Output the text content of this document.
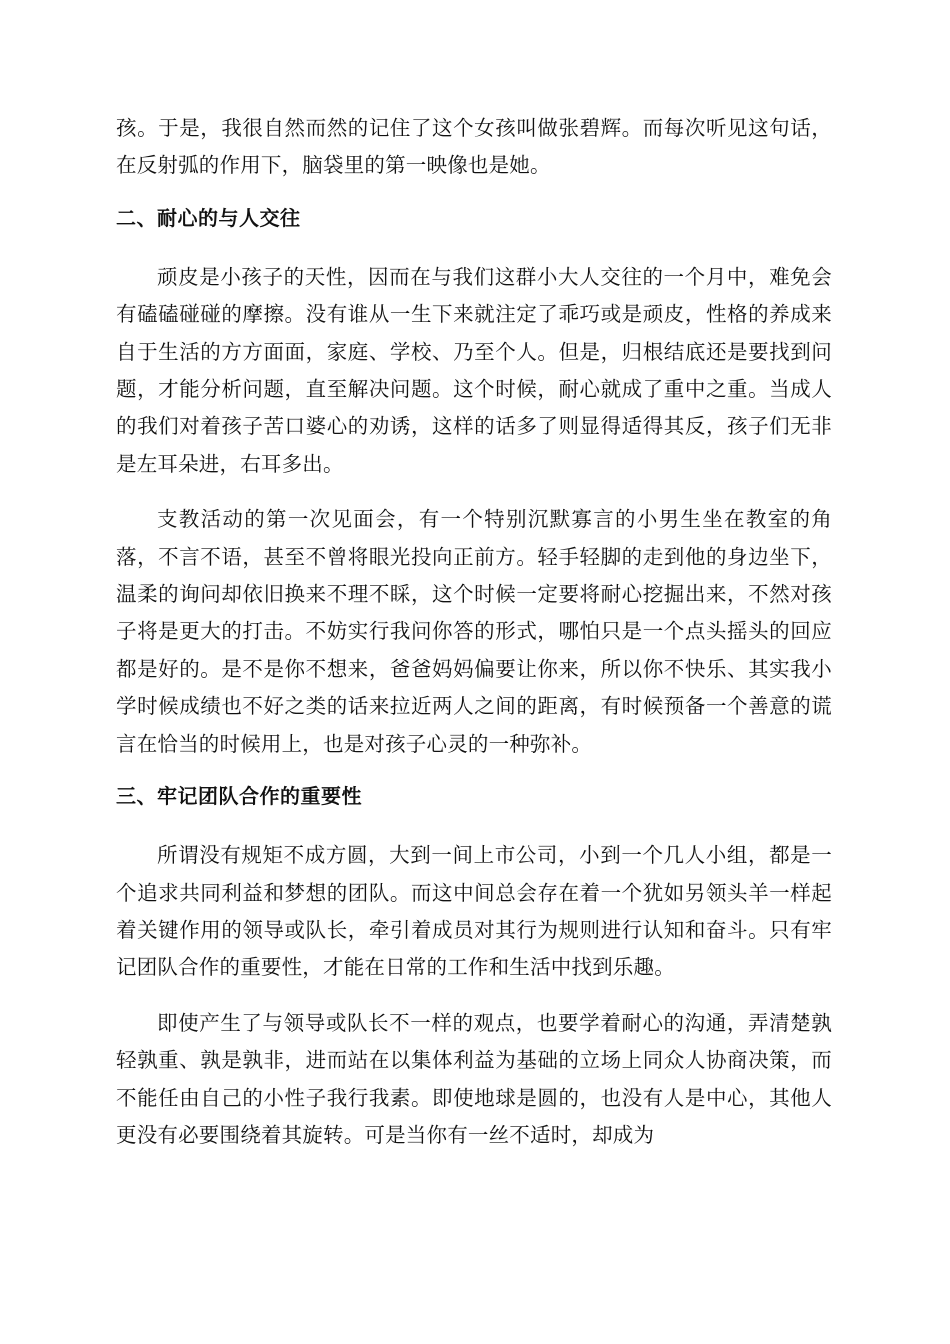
孩。于是，我很自然而然的记住了这个女孩叫做张碧辉。而每次听见这句话，在反射弧的作用下，脑袋里的第一映像也是她。

二、耐心的与人交往

顽皮是小孩子的天性，因而在与我们这群小大人交往的一个月中，难免会有磕磕碰碰的摩擦。没有谁从一生下来就注定了乖巧或是顽皮，性格的养成来自于生活的方方面面，家庭、学校、乃至个人。但是，归根结底还是要找到问题，才能分析问题，直至解决问题。这个时候，耐心就成了重中之重。当成人的我们对着孩子苦口婆心的劝诱，这样的话多了则显得适得其反，孩子们无非是左耳朵进，右耳多出。

支教活动的第一次见面会，有一个特别沉默寡言的小男生坐在教室的角落，不言不语，甚至不曾将眼光投向正前方。轻手轻脚的走到他的身边坐下，温柔的询问却依旧换来不理不睬，这个时候一定要将耐心挖掘出来，不然对孩子将是更大的打击。不妨实行我问你答的形式，哪怕只是一个点头摇头的回应都是好的。是不是你不想来，爸爸妈妈偏要让你来，所以你不快乐、其实我小学时候成绩也不好之类的话来拉近两人之间的距离，有时候预备一个善意的谎言在恰当的时候用上，也是对孩子心灵的一种弥补。

三、牢记团队合作的重要性

所谓没有规矩不成方圆，大到一间上市公司，小到一个几人小组，都是一个追求共同利益和梦想的团队。而这中间总会存在着一个犹如另领头羊一样起着关键作用的领导或队长，牵引着成员对其行为规则进行认知和奋斗。只有牢记团队合作的重要性，才能在日常的工作和生活中找到乐趣。

即使产生了与领导或队长不一样的观点，也要学着耐心的沟通，弄清楚孰轻孰重、孰是孰非，进而站在以集体利益为基础的立场上同众人协商决策，而不能任由自己的小性子我行我素。即使地球是圆的，也没有人是中心，其他人更没有必要围绕着其旋转。可是当你有一丝不适时，却成为
